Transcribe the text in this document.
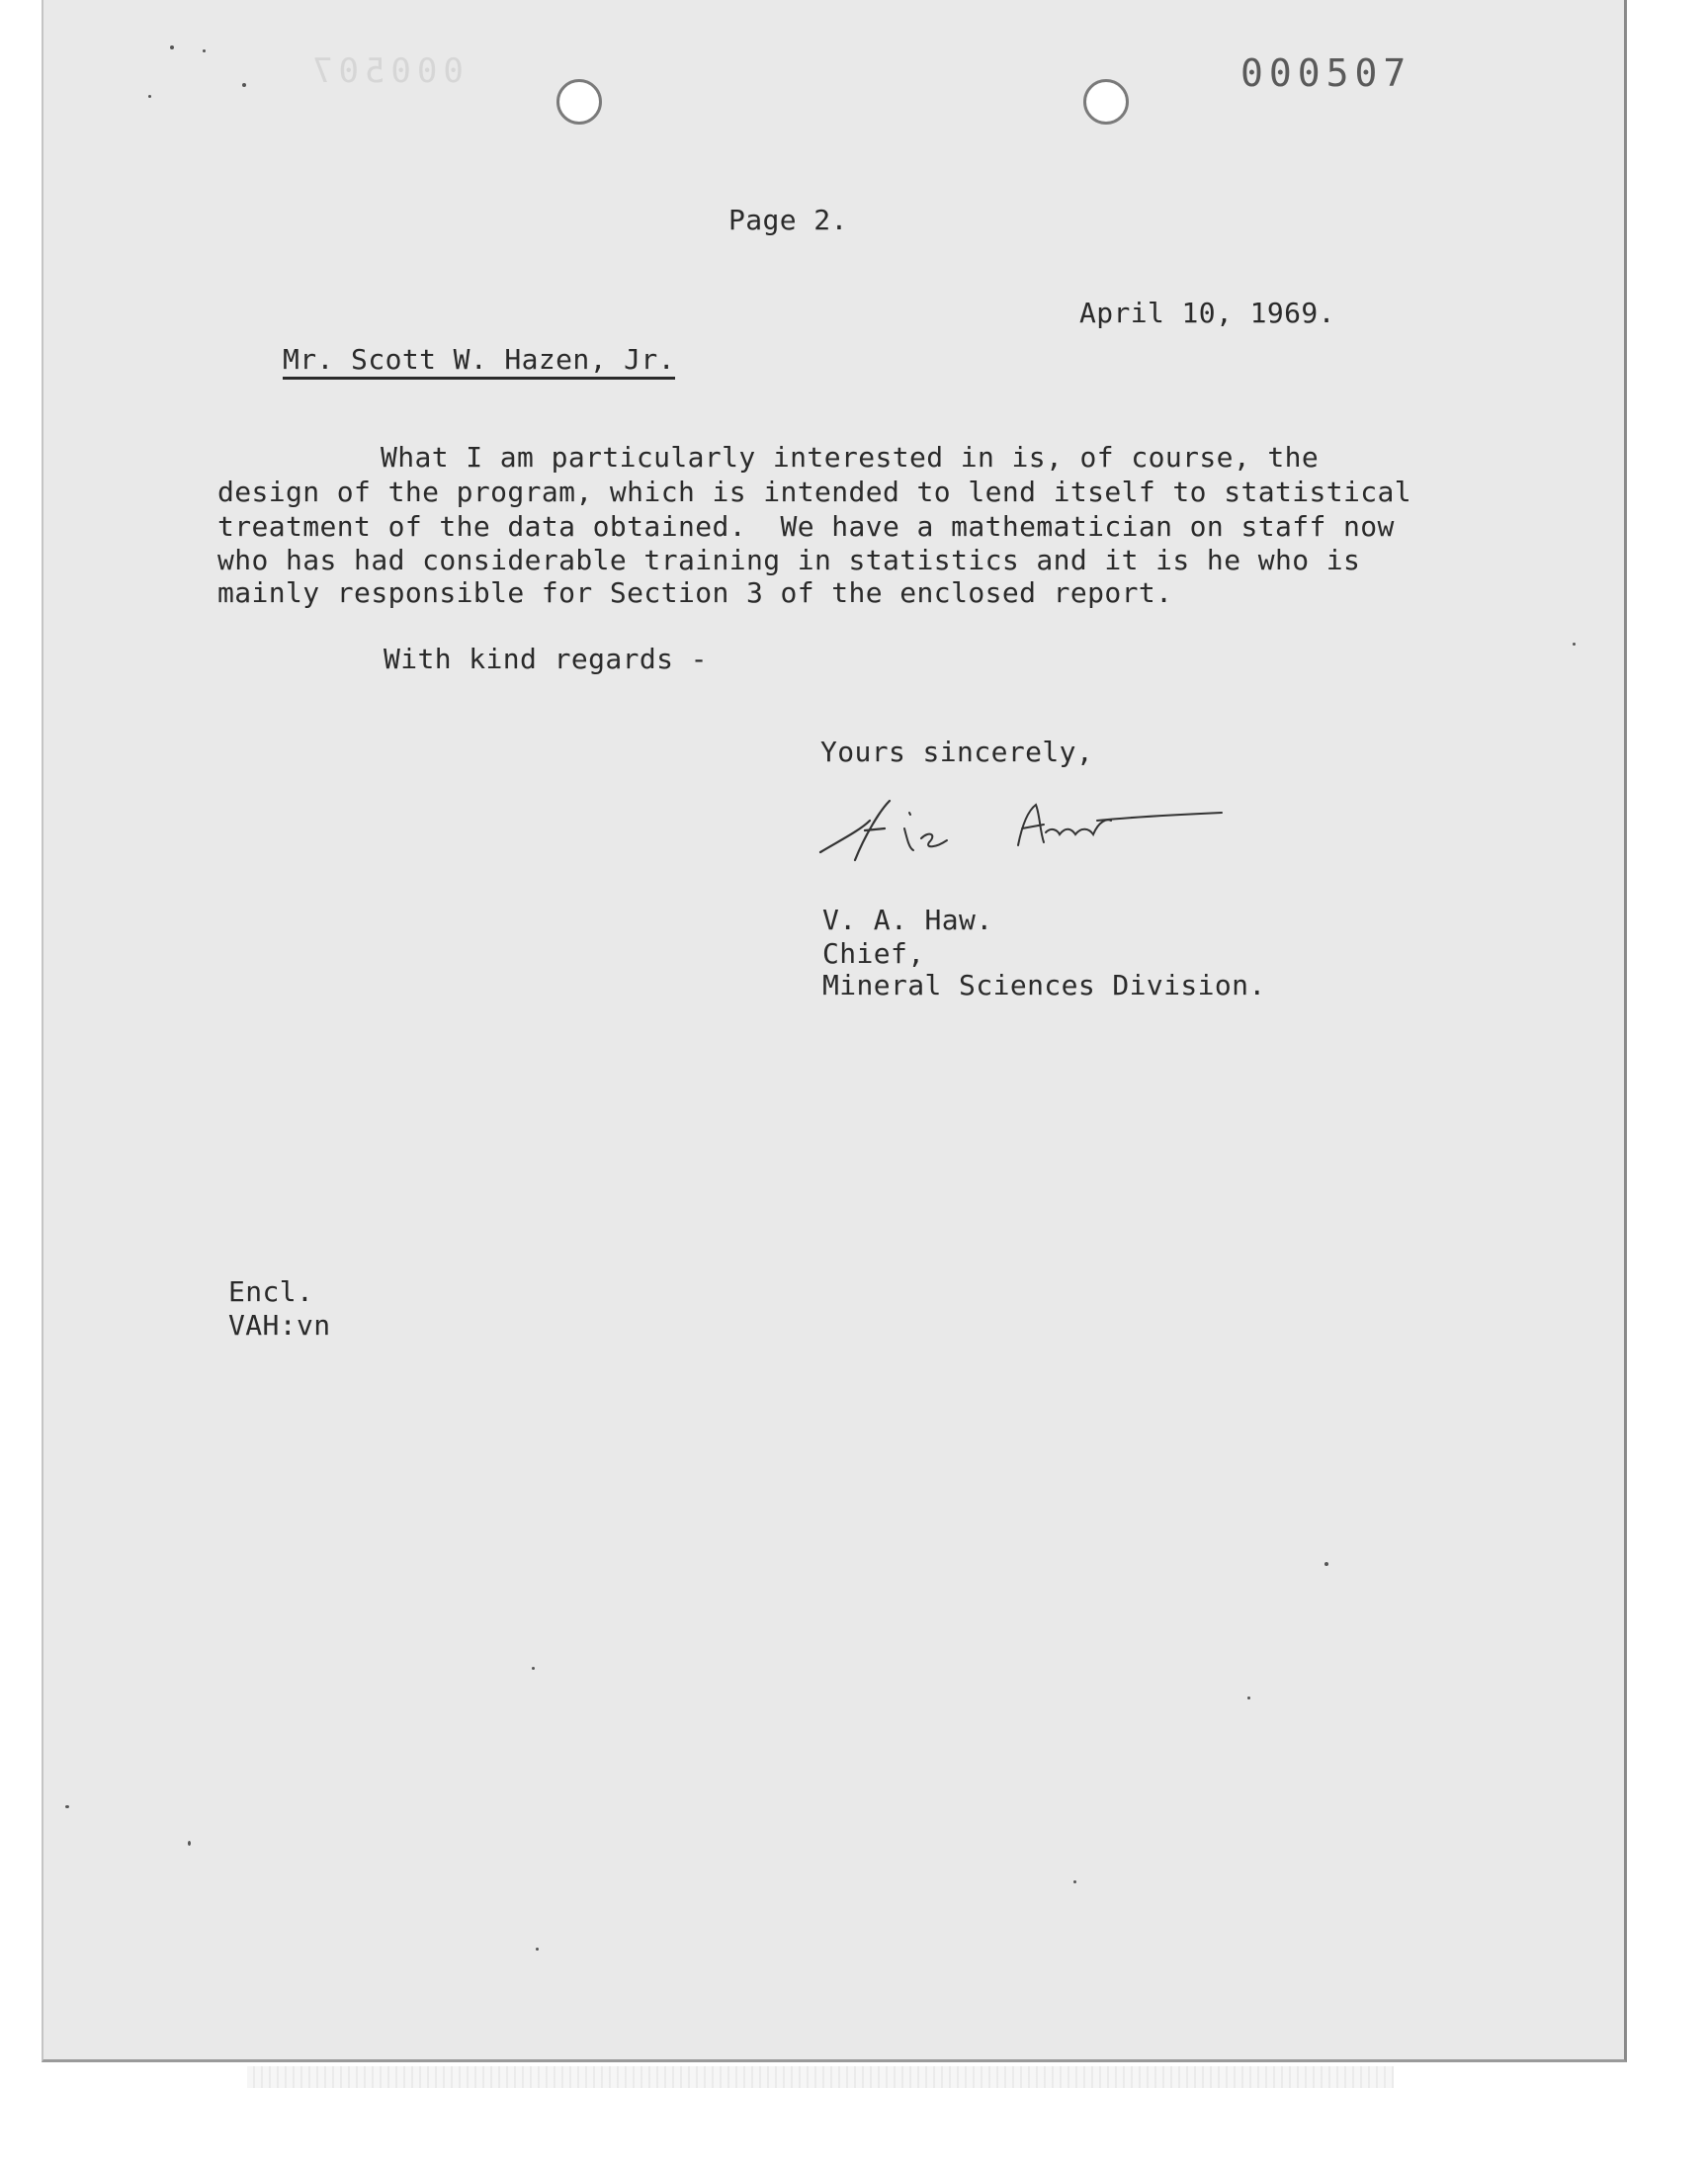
000507	000507
Page 2.

Mr. Scott W. Hazen, Jr.

April 10, 1969.
What I am particularly interested in is, of course, the
design of the program, which is intended to lend itself to statistical
treatment of the data obtained.  We have a mathematician on staff now
who has had considerable training in statistics and it is he who is
mainly responsible for Section 3 of the enclosed report.
With kind regards -
Yours sincerely,
V. A. Haw.
Chief,
Mineral Sciences Division.
Encl.
VAH:vn
